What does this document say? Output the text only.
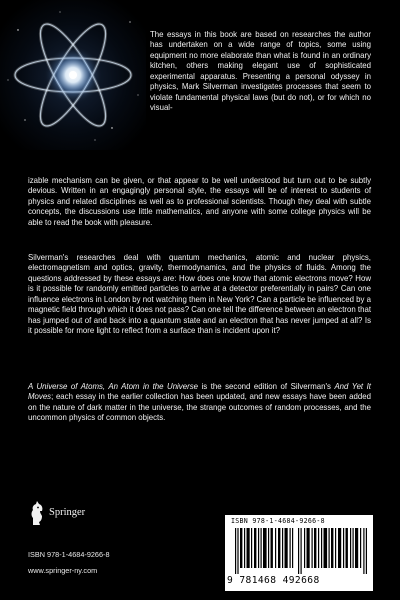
The essays in this book are based on researches the author has undertaken on a wide range of topics, some using equipment no more elaborate than what is found in an ordinary kitchen, others making elegant use of sophisticated experimental apparatus. Presenting a personal odyssey in physics, Mark Silverman investigates processes that seem to violate fundamental physical laws (but do not), or for which no visual-

izable mechanism can be given, or that appear to be well understood but turn out to be subtly devious. Written in an engagingly personal style, the essays will be of interest to students of physics and related disciplines as well as to professional scientists. Though they deal with subtle concepts, the discussions use little mathematics, and anyone with some college physics will be able to read the book with pleasure.

Silverman's researches deal with quantum mechanics, atomic and nuclear physics, electromagnetism and optics, gravity, thermodynamics, and the physics of fluids. Among the questions addressed by these essays are: How does one know that atomic electrons move? How is it possible for randomly emitted particles to arrive at a detector preferentially in pairs? Can one influence electrons in London by not watching them in New York? Can a particle be influenced by a magnetic field through which it does not pass? Can one tell the difference between an electron that has jumped out of and back into a quantum state and an electron that has never jumped at all? Is it possible for more light to reflect from a surface than is incident upon it?

A Universe of Atoms, An Atom in the Universe is the second edition of Silverman's And Yet It Moves; each essay in the earlier collection has been updated, and new essays have been added on the nature of dark matter in the universe, the strange outcomes of random processes, and the uncommon physics of common objects.

Springer
ISBN 978-1-4684-9266-8
www.springer-ny.com
ISBN 978-1-4684-9266-8
9 781468 492668
